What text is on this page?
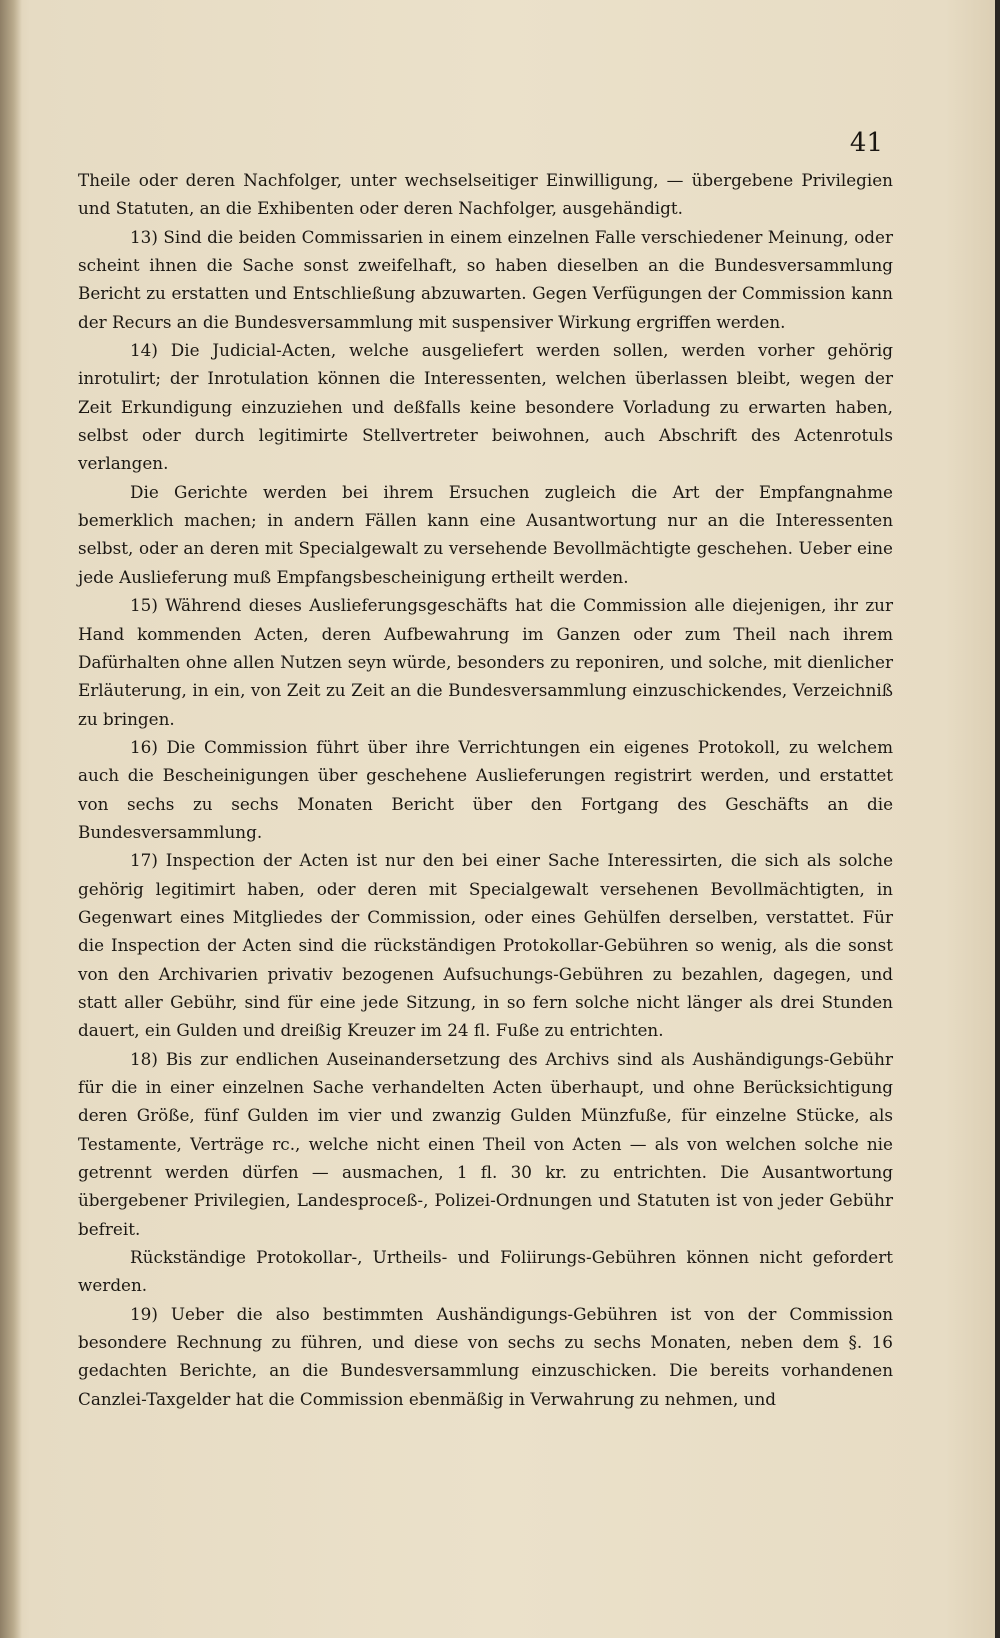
41

Theile oder deren Nachfolger, unter wechselseitiger Einwilligung, — übergebene Privilegien und Statuten, an die Exhibenten oder deren Nachfolger, ausgehändigt.

13) Sind die beiden Commissarien in einem einzelnen Falle verschiedener Meinung, oder scheint ihnen die Sache sonst zweifelhaft, so haben dieselben an die Bundesversammlung Bericht zu erstatten und Entschließung abzuwarten. Gegen Verfügungen der Commission kann der Recurs an die Bundesversammlung mit suspensiver Wirkung ergriffen werden.

14) Die Judicial-Acten, welche ausgeliefert werden sollen, werden vorher gehörig inrotulirt; der Inrotulation können die Interessenten, welchen überlassen bleibt, wegen der Zeit Erkundigung einzuziehen und deßfalls keine besondere Vorladung zu erwarten haben, selbst oder durch legitimirte Stellvertreter beiwohnen, auch Abschrift des Actenrotuls verlangen.

Die Gerichte werden bei ihrem Ersuchen zugleich die Art der Empfangnahme bemerklich machen; in andern Fällen kann eine Ausantwortung nur an die Interessenten selbst, oder an deren mit Specialgewalt zu versehende Bevollmächtigte geschehen. Ueber eine jede Auslieferung muß Empfangsbescheinigung ertheilt werden.

15) Während dieses Auslieferungsgeschäfts hat die Commission alle diejenigen, ihr zur Hand kommenden Acten, deren Aufbewahrung im Ganzen oder zum Theil nach ihrem Dafürhalten ohne allen Nutzen seyn würde, besonders zu reponiren, und solche, mit dienlicher Erläuterung, in ein, von Zeit zu Zeit an die Bundesversammlung einzuschickendes, Verzeichniß zu bringen.

16) Die Commission führt über ihre Verrichtungen ein eigenes Protokoll, zu welchem auch die Bescheinigungen über geschehene Auslieferungen registrirt werden, und erstattet von sechs zu sechs Monaten Bericht über den Fortgang des Geschäfts an die Bundesversammlung.

17) Inspection der Acten ist nur den bei einer Sache Interessirten, die sich als solche gehörig legitimirt haben, oder deren mit Specialgewalt versehenen Bevollmächtigten, in Gegenwart eines Mitgliedes der Commission, oder eines Gehülfen derselben, verstattet. Für die Inspection der Acten sind die rückständigen Protokollar-Gebühren so wenig, als die sonst von den Archivarien privativ bezogenen Aufsuchungs-Gebühren zu bezahlen, dagegen, und statt aller Gebühr, sind für eine jede Sitzung, in so fern solche nicht länger als drei Stunden dauert, ein Gulden und dreißig Kreuzer im 24 fl. Fuße zu entrichten.

18) Bis zur endlichen Auseinandersetzung des Archivs sind als Aushändigungs-Gebühr für die in einer einzelnen Sache verhandelten Acten überhaupt, und ohne Berücksichtigung deren Größe, fünf Gulden im vier und zwanzig Gulden Münzfuße, für einzelne Stücke, als Testamente, Verträge rc., welche nicht einen Theil von Acten — als von welchen solche nie getrennt werden dürfen — ausmachen, 1 fl. 30 kr. zu entrichten. Die Ausantwortung übergebener Privilegien, Landesproceß-, Polizei-Ordnungen und Statuten ist von jeder Gebühr befreit.

Rückständige Protokollar-, Urtheils- und Foliirungs-Gebühren können nicht gefordert werden.

19) Ueber die also bestimmten Aushändigungs-Gebühren ist von der Commission besondere Rechnung zu führen, und diese von sechs zu sechs Monaten, neben dem §. 16 gedachten Berichte, an die Bundesversammlung einzuschicken. Die bereits vorhandenen Canzlei-Taxgelder hat die Commission ebenmäßig in Verwahrung zu nehmen, und
